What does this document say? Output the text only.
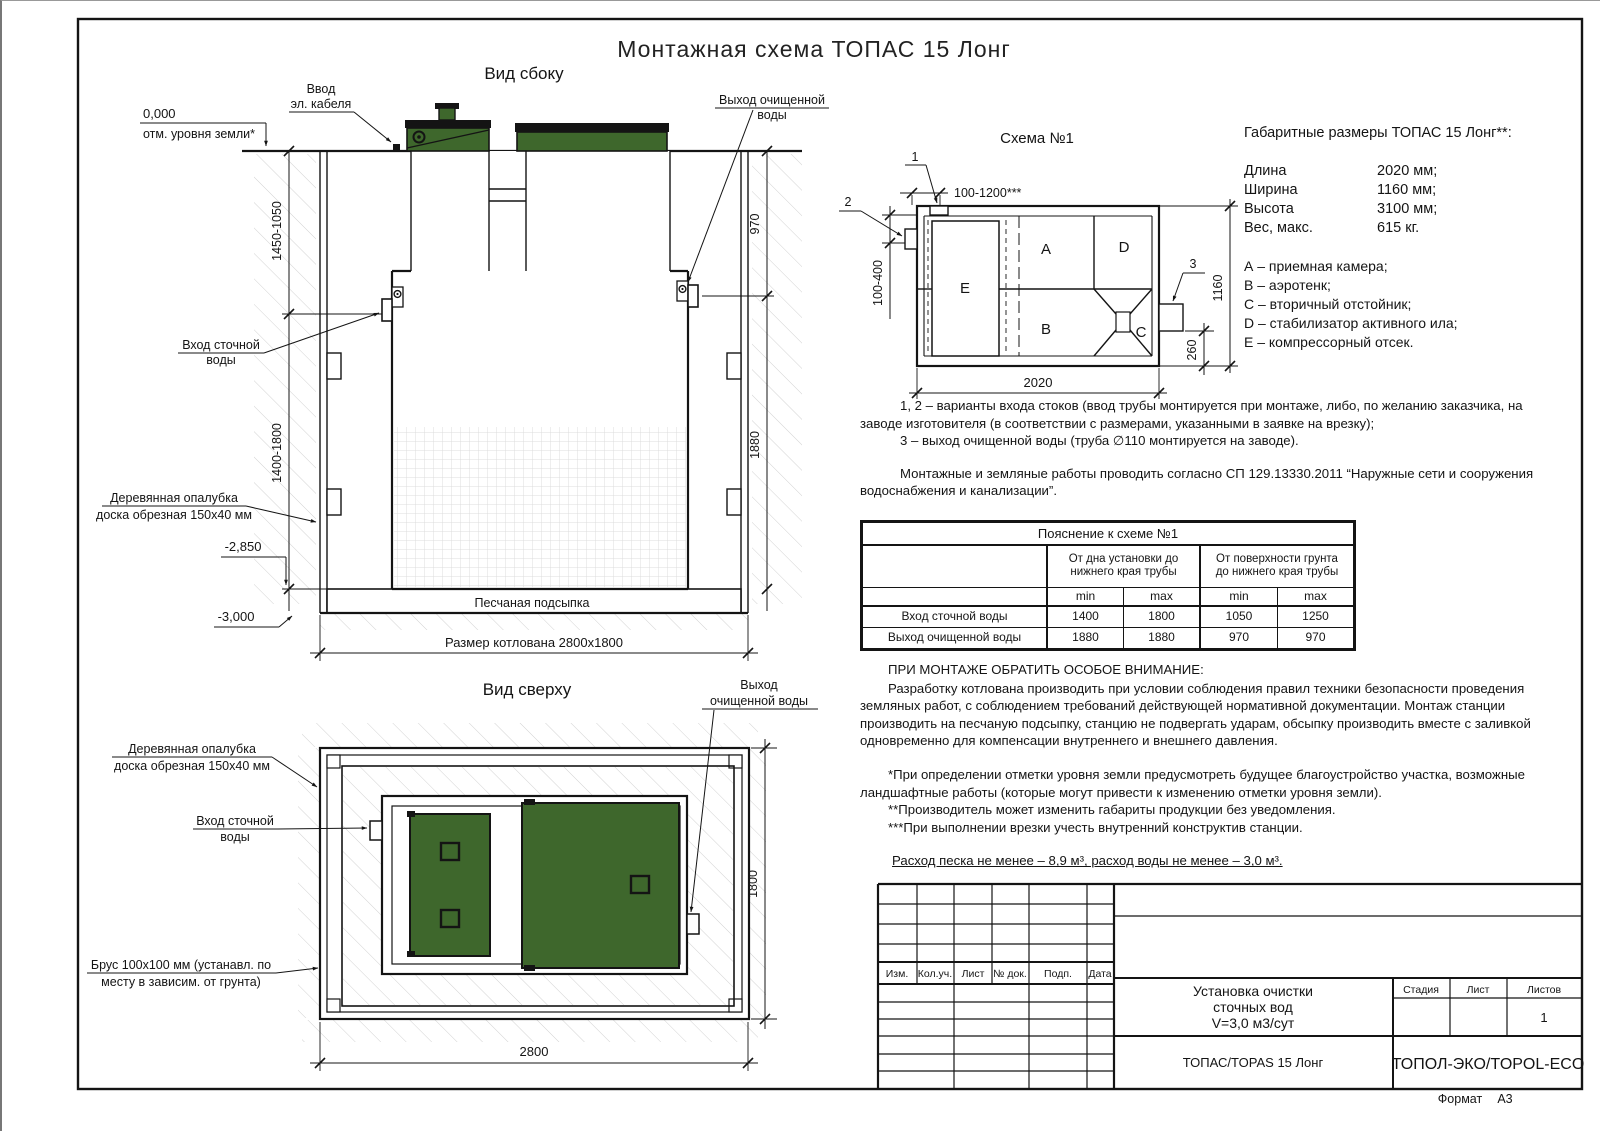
Вид сбоку
Песчаная подсыпка
1450-1050
1400-1800
970
1880
Размер котлована 2800х1800
0,000
отм. уровня земли*
Ввод
эл. кабеля	Выход очищенной
воды
Вход сточной
воды
Деревянная опалубка
доска обрезная 150х40 мм
-2,850
-3,000
Вид сверху
1800
2800
Выход
очищенной воды
Деревянная опалубка
доска обрезная 150х40 мм
Вход сточной
воды
Брус 100х100 мм (устанавл. по
месту в зависим. от грунта)
Схема №1
A	D
B	C
E
1
100-1200***
2
100-400	3
260
1160
2020
Изм. Кол.уч. Лист № док. Подп. Дата
Стадия	Лист	Листов
1
Установка очистки
сточных вод
V=3,0 м3/сут
ТОПАС/TOPAS 15 Лонг	ТОПОЛ-ЭКО/TOPOL-ECO
Формат А3
Монтажная схема ТОПАС 15 Лонг
Габаритные размеры ТОПАС 15 Лонг**:
Длина	2020 мм;
Ширина	1160 мм;
Высота	3100 мм;
Вес, макс.	615 кг.
А – приемная камера;
В – аэротенк;
С – вторичный отстойник;
D – стабилизатор активного ила;
Е – компрессорный отсек.

1, 2 – варианты входа стоков (ввод трубы монтируется при монтаже, либо, по желанию заказчика, на заводе изготовителя (в соответствии с размерами, указанными в заявке на врезку);

3 – выход очищенной воды (труба ∅110 монтируется на заводе).

Монтажные и земляные работы проводить согласно СП 129.13330.2011 “Наружные сети и сооружения водоснабжения и канализации”.

Пояснение к схеме №1				
	От дна установки до
нижнего края трубы		От поверхности грунта
до нижнего края трубы	
	min	max	min	max
Вход сточной воды	1400	1800	1050	1250
Выход очищенной воды	1880	1880	970	970
ПРИ МОНТАЖЕ ОБРАТИТЬ ОСОБОЕ ВНИМАНИЕ:

Разработку котлована производить при условии соблюдения правил техники безопасности проведения земляных работ, с соблюдением требований действующей нормативной документации. Монтаж станции производить на песчаную подсыпку, станцию не подвергать ударам, обсыпку производить вместе с заливкой одновременно для компенсации внутреннего и внешнего давления.

*При определении отметки уровня земли предусмотреть будущее благоустройство участка, возможные ландшафтные работы (которые могут привести к изменению отметки уровня земли).

**Производитель может изменить габариты продукции без уведомления.

***При выполнении врезки учесть внутренний конструктив станции.

Расход песка не менее – 8,9 м³, расход воды не менее – 3,0 м³.
